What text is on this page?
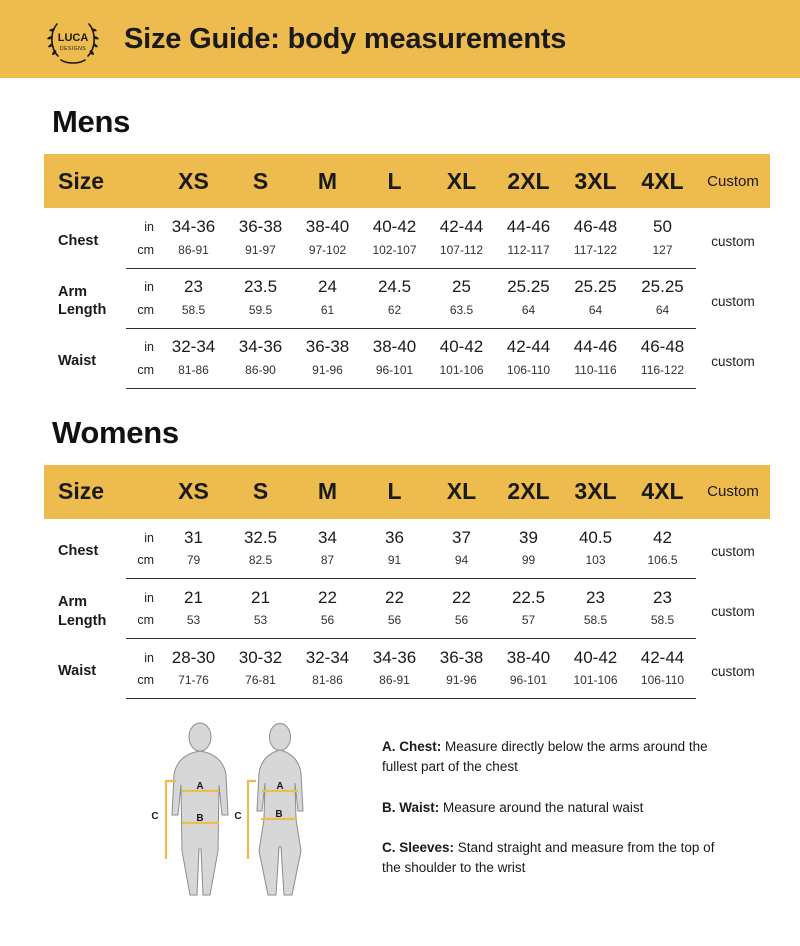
LUCA
DESIGNS Size Guide: body measurements
Mens
Size		XS	S	M	L	XL	2XL	3XL	4XL	Custom
Chest	in	34-36	36-38	38-40	40-42	42-44	44-46	46-48	50	custom
	cm	86-91	91-97	97-102	102-107	107-112	112-117	117-122	127	
Arm
Length	in	23	23.5	24	24.5	25	25.25	25.25	25.25	custom
	cm	58.5	59.5	61	62	63.5	64	64	64	
Waist	in	32-34	34-36	36-38	38-40	40-42	42-44	44-46	46-48	custom
	cm	81-86	86-90	91-96	96-101	101-106	106-110	110-116	116-122	
Womens
Size		XS	S	M	L	XL	2XL	3XL	4XL	Custom
Chest	in	31	32.5	34	36	37	39	40.5	42	custom
	cm	79	82.5	87	91	94	99	103	106.5	
Arm
Length	in	21	21	22	22	22	22.5	23	23	custom
	cm	53	53	56	56	56	57	58.5	58.5	
Waist	in	28-30	30-32	32-34	34-36	36-38	38-40	40-42	42-44	custom
	cm	71-76	76-81	81-86	86-91	91-96	96-101	101-106	106-110	
A
B
C
A
B
C
A. Chest: Measure directly below the arms around the fullest part of the chest
B. Waist: Measure around the natural waist
C. Sleeves: Stand straight and measure from the top of the shoulder to the wrist
